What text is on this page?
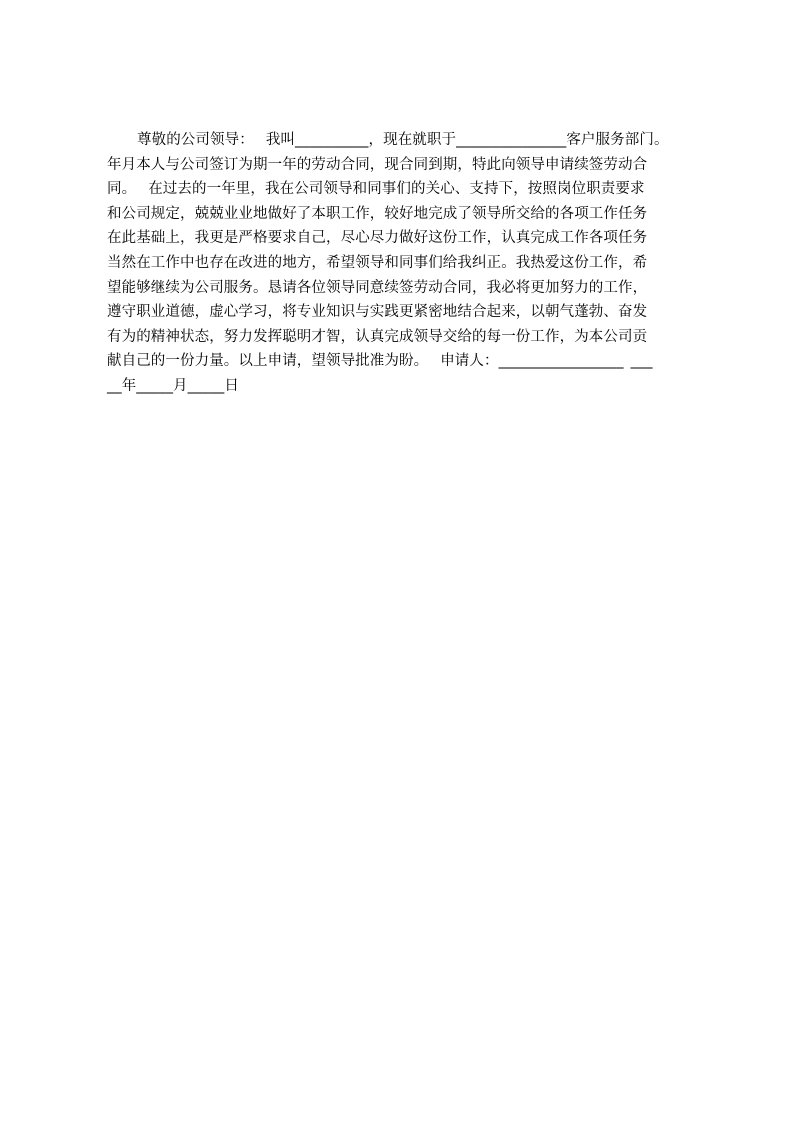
尊敬的公司领导： 我叫__________，现在就职于_______________客户服务部门。
年月本人与公司签订为期一年的劳动合同，现合同到期，特此向领导申请续签劳动合
同。 在过去的一年里，我在公司领导和同事们的关心、支持下，按照岗位职责要求
和公司规定，兢兢业业地做好了本职工作，较好地完成了领导所交给的各项工作任务
在此基础上，我更是严格要求自己，尽心尽力做好这份工作，认真完成工作各项任务
当然在工作中也存在改进的地方，希望领导和同事们给我纠正。我热爱这份工作，希
望能够继续为公司服务。恳请各位领导同意续签劳动合同，我必将更加努力的工作，
遵守职业道德，虚心学习，将专业知识与实践更紧密地结合起来，以朝气蓬勃、奋发
有为的精神状态，努力发挥聪明才智，认真完成领导交给的每一份工作，为本公司贡
献自己的一份力量。以上申请，望领导批准为盼。 申请人：_________________ ___
__年_____月_____日
